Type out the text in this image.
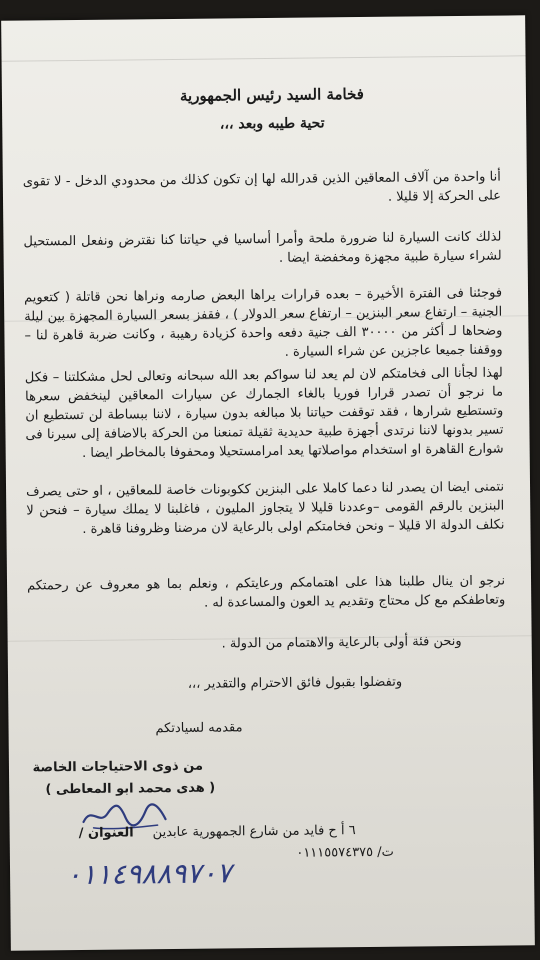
فخامة السيد رئيس الجمهورية
تحية طيبه وبعد ،،،
أنا واحدة من آلاف المعاقين الذين قدرالله لها إن تكون كذلك من محدودي الدخل - لا تقوى على الحركة إلا قليلا .
لذلك كانت السيارة لنا ضرورة ملحة وأمرا أساسيا في حياتنا كنا نقترض ونفعل المستحيل لشراء سيارة طبية مجهزة ومخفضة ايضا .
فوجئنا فى الفترة الأخيرة – بعده قرارات يراها البعض صارمه ونراها نحن قاتلة ( كتعويم الجنية – ارتفاع سعر البنزين – ارتفاع سعر الدولار ) ، فقفز بسعر السيارة المجهزة بين ليلة وضحاها لـ أكثر من ٣٠٠٠٠ الف جنية دفعه واحدة كزيادة رهيبة ، وكانت ضربة قاهرة لنا – ووقفنا جميعا عاجزين عن شراء السيارة .
لهذا لجأنا الى فخامتكم لان لم يعد لنا سواكم بعد الله سبحانه وتعالى لحل مشكلتنا – فكل ما نرجو أن تصدر قرارا فوريا بالغاء الجمارك عن سيارات المعاقين لينخفض سعرها وتستطيع شرارها ، فقد توقفت حياتنا بلا مبالغه بدون سيارة ، لاننا ببساطة لن تستطيع ان تسير بدونها لاننا نرتدى أجهزة طبية حديدية ثقيلة تمنعنا من الحركة بالاضافة إلى سيرنا فى شوارع القاهرة او استخدام مواصلاتها يعد امرامستحيلا ومحفوفا بالمخاطر ايضا .
نتمنى ايضا ان يصدر لنا دعما كاملا على البنزين ككوبونات خاصة للمعاقين ، او حتى يصرف البنزين بالرقم القومى –وعددنا قليلا لا يتجاوز المليون ، فاغلبنا لا يملك سيارة – فنحن لا نكلف الدولة الا قليلا – ونحن فخامتكم اولى بالرعاية لان مرضنا وظروفنا قاهرة .
نرجو ان ينال طلبنا هذا على اهتمامكم ورعايتكم ، ونعلم بما هو معروف عن رحمتكم وتعاطفكم مع كل محتاج وتقديم يد العون والمساعدة له .
ونحن فئة أولى بالرعاية والاهتمام من الدولة .
وتفضلوا بقبول فائق الاحترام والتقدير ،،،
مقدمه لسيادتكم
من ذوى الاحتياجات الخاصة
( هدى محمد ابو المعاطى )
العنوان / ٦ أ ح فايد من شارع الجمهورية عابدين
ت/ ٠١١١٥٥٧٤٣٧٥
٠١١٤٩٨٨٩٧٠٧
